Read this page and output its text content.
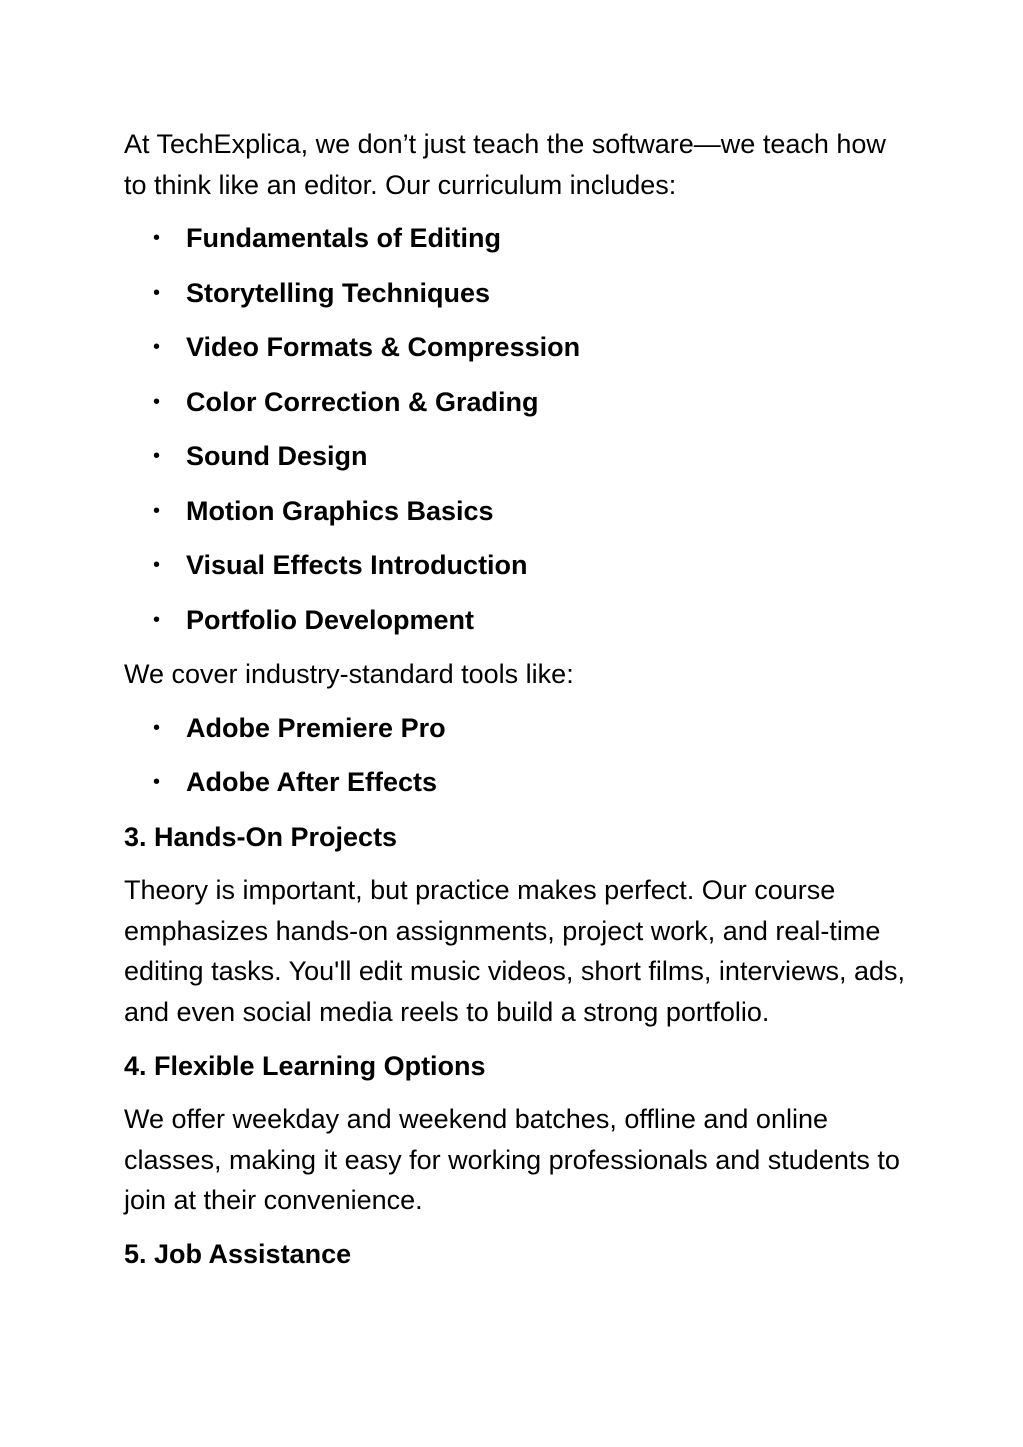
At TechExplica, we don’t just teach the software—we teach how to think like an editor. Our curriculum includes:

• Fundamentals of Editing
• Storytelling Techniques
• Video Formats & Compression
• Color Correction & Grading
• Sound Design
• Motion Graphics Basics
• Visual Effects Introduction
• Portfolio Development

We cover industry-standard tools like:

• Adobe Premiere Pro
• Adobe After Effects
3. Hands-On Projects

Theory is important, but practice makes perfect. Our course emphasizes hands-on assignments, project work, and real-time editing tasks. You'll edit music videos, short films, interviews, ads, and even social media reels to build a strong portfolio.

4. Flexible Learning Options

We offer weekday and weekend batches, offline and online classes, making it easy for working professionals and students to join at their convenience.

5. Job Assistance
